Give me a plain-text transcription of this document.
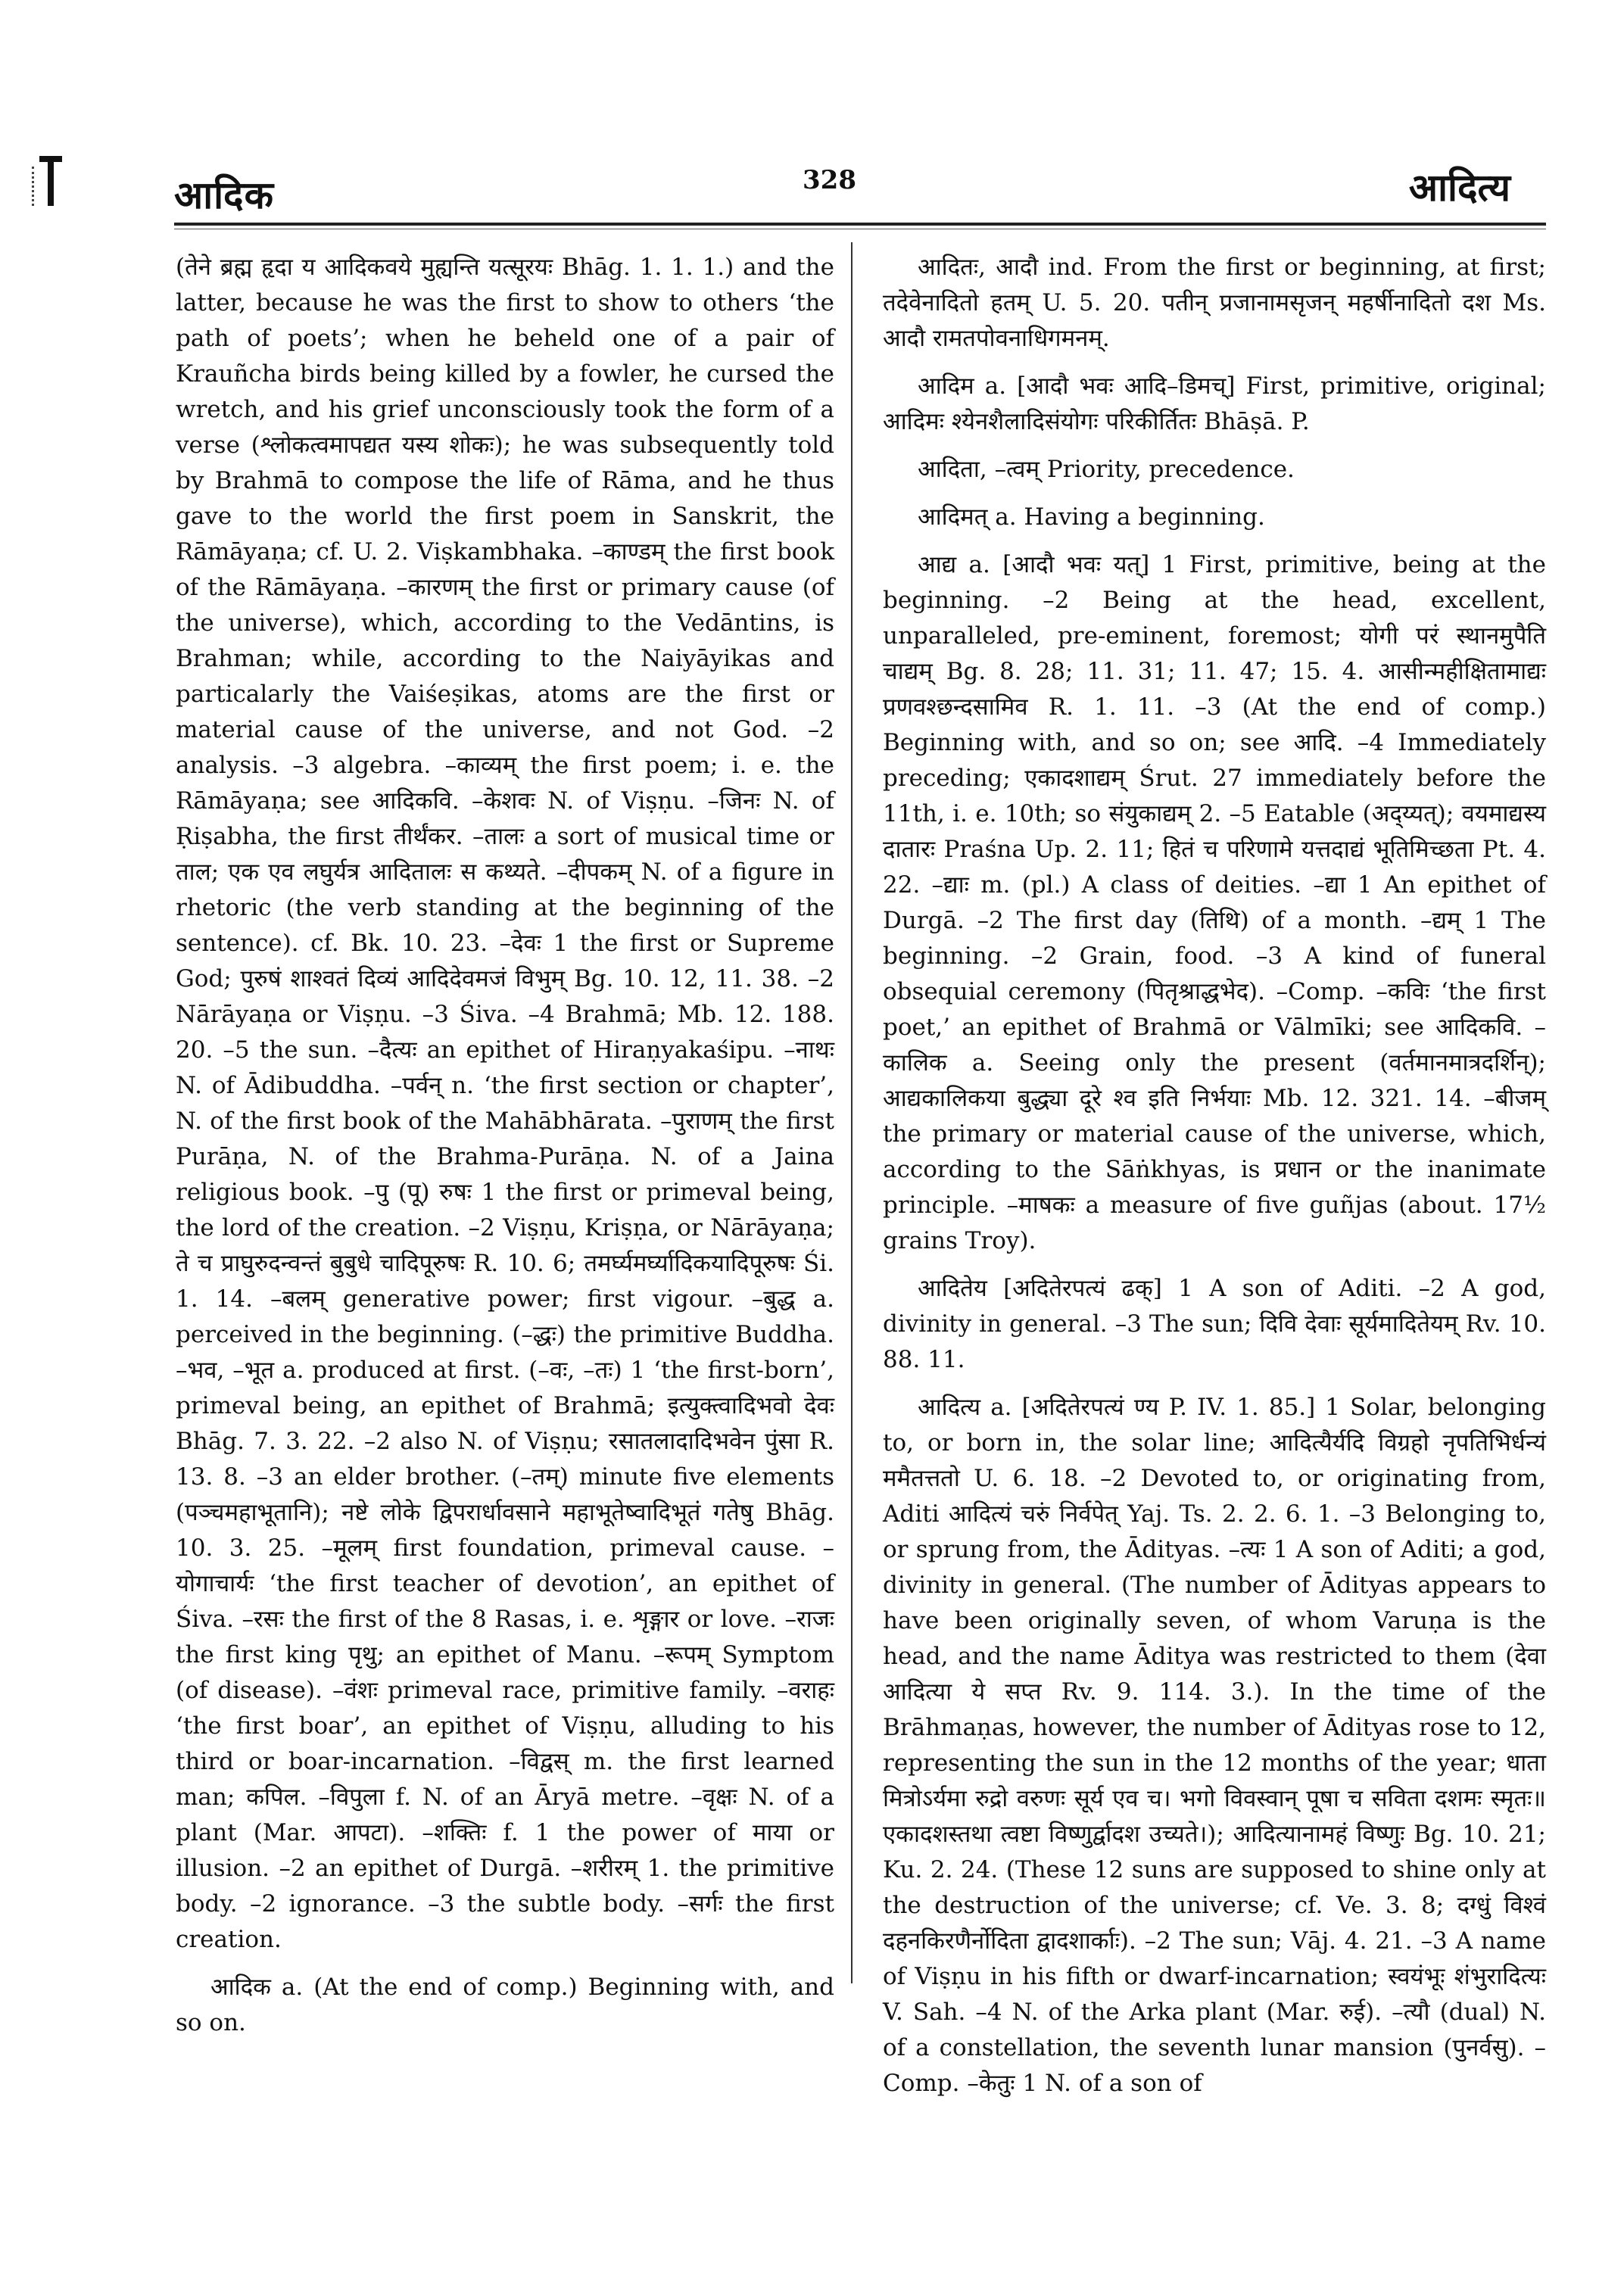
आदिक	328	आदित्य

(तेने ब्रह्म हृदा य आदिकवये मुह्यन्ति यत्सूरयः Bhāg. 1. 1. 1.) and the latter, because he was the first to show to others ‘the path of poets’; when he beheld one of a pair of Krauñcha birds being killed by a fowler, he cursed the wretch, and his grief unconsciously took the form of a verse (श्लोकत्वमापद्यत यस्य शोकः); he was subsequently told by Brahmā to compose the life of Rāma, and he thus gave to the world the first poem in Sanskrit, the Rāmāyaṇa; cf. U. 2. Viṣkambhaka. –काण्डम् the first book of the Rāmāyaṇa. –कारणम् the first or primary cause (of the universe), which, according to the Vedāntins, is Brahman; while, according to the Naiyāyikas and particalarly the Vaiśeṣikas, atoms are the first or material cause of the universe, and not God. –2 analysis. –3 algebra. –काव्यम् the first poem; i. e. the Rāmāyaṇa; see आदिकवि. –केशवः N. of Viṣṇu. –जिनः N. of Ṛiṣabha, the first तीर्थंकर. –तालः a sort of musical time or ताल; एक एव लघुर्यत्र आदितालः स कथ्यते. –दीपकम् N. of a figure in rhetoric (the verb standing at the beginning of the sentence). cf. Bk. 10. 23. –देवः 1 the first or Supreme God; पुरुषं शाश्वतं दिव्यं आदिदेवमजं विभुम् Bg. 10. 12, 11. 38. –2 Nārāyaṇa or Viṣṇu. –3 Śiva. –4 Brahmā; Mb. 12. 188. 20. –5 the sun. –दैत्यः an epithet of Hiraṇyakaśipu. –नाथः N. of Ādibuddha. –पर्वन् n. ‘the first section or chapter’, N. of the first book of the Mahābhārata. –पुराणम् the first Purāṇa, N. of the Brahma-Purāṇa. N. of a Jaina religious book. –पु (पू) रुषः 1 the first or primeval being, the lord of the creation. –2 Viṣṇu, Kriṣṇa, or Nārāyaṇa; ते च प्राघुरुदन्वन्तं बुबुधे चादिपूरुषः R. 10. 6; तमर्घ्यमर्घ्यादिकयादिपूरुषः Śi. 1. 14. –बलम् generative power; first vigour. –बुद्ध a. perceived in the beginning. (–द्धः) the primitive Buddha. –भव, –भूत a. produced at first. (–वः, –तः) 1 ‘the first-born’, primeval being, an epithet of Brahmā; इत्युक्त्वादिभवो देवः Bhāg. 7. 3. 22. –2 also N. of Viṣṇu; रसातलादादिभवेन पुंसा R. 13. 8. –3 an elder brother. (–तम्) minute five elements (पञ्चमहाभूतानि); नष्टे लोके द्विपरार्धावसाने महाभूतेष्वादिभूतं गतेषु Bhāg. 10. 3. 25. –मूलम् first foundation, primeval cause. –योगाचार्यः ‘the first teacher of devotion’, an epithet of Śiva. –रसः the first of the 8 Rasas, i. e. शृङ्गार or love. –राजः the first king पृथु; an epithet of Manu. –रूपम् Symptom (of disease). –वंशः primeval race, primitive family. –वराहः ‘the first boar’, an epithet of Viṣṇu, alluding to his third or boar-incarnation. –विद्वस् m. the first learned man; कपिल. –विपुला f. N. of an Āryā metre. –वृक्षः N. of a plant (Mar. आपटा). –शक्तिः f. 1 the power of माया or illusion. –2 an epithet of Durgā. –शरीरम् 1. the primitive body. –2 ignorance. –3 the subtle body. –सर्गः the first creation.

आदिक a. (At the end of comp.) Beginning with, and so on.

आदितः, आदौ ind. From the first or beginning, at first; तदेवेनादितो हतम् U. 5. 20. पतीन् प्रजानामसृजन् महर्षीनादितो दश Ms. आदौ रामतपोवनाधिगमनम्.

आदिम a. [आदौ भवः आदि–डिमच्] First, primitive, original; आदिमः श्येनशैलादिसंयोगः परिकीर्तितः Bhāṣā. P.

आदिता, –त्वम् Priority, precedence.

आदिमत् a. Having a beginning.

आद्य a. [आदौ भवः यत्] 1 First, primitive, being at the beginning. –2 Being at the head, excellent, unparalleled, pre-eminent, foremost; योगी परं स्थानमुपैति चाद्यम् Bg. 8. 28; 11. 31; 11. 47; 15. 4. आसीन्महीक्षितामाद्यः प्रणवश्छन्दसामिव R. 1. 11. –3 (At the end of comp.) Beginning with, and so on; see आदि. –4 Immediately preceding; एकादशाद्यम् Śrut. 27 immediately before the 11th, i. e. 10th; so संयुकाद्यम् 2. –5 Eatable (अद्‌य्यत्); वयमाद्यस्य दातारः Praśna Up. 2. 11; हितं च परिणामे यत्तदाद्यं भूतिमिच्छता Pt. 4. 22. –द्याः m. (pl.) A class of deities. –द्या 1 An epithet of Durgā. –2 The first day (तिथि) of a month. –द्यम् 1 The beginning. –2 Grain, food. –3 A kind of funeral obsequial ceremony (पितृश्राद्धभेद). –Comp. –कविः ‘the first poet,’ an epithet of Brahmā or Vālmīki; see आदिकवि. –कालिक a. Seeing only the present (वर्तमानमात्रदर्शिन्); आद्यकालिकया बुद्ध्या दूरे श्व इति निर्भयाः Mb. 12. 321. 14. –बीजम् the primary or material cause of the universe, which, according to the Sāṅkhyas, is प्रधान or the inanimate principle. –माषकः a measure of five guñjas (about. 17½ grains Troy).

आदितेय [अदितेरपत्यं ढक्] 1 A son of Aditi. –2 A god, divinity in general. –3 The sun; दिवि देवाः सूर्यमादितेयम् Rv. 10. 88. 11.

आदित्य a. [अदितेरपत्यं ण्य P. IV. 1. 85.] 1 Solar, belonging to, or born in, the solar line; आदित्यैर्यदि विग्रहो नृपतिभिर्धन्यं ममैतत्ततो U. 6. 18. –2 Devoted to, or originating from, Aditi आदित्यं चरुं निर्वपेत् Yaj. Ts. 2. 2. 6. 1. –3 Belonging to, or sprung from, the Ādityas. –त्यः 1 A son of Aditi; a god, divinity in general. (The number of Ādityas appears to have been originally seven, of whom Varuṇa is the head, and the name Āditya was restricted to them (देवा आदित्या ये सप्त Rv. 9. 114. 3.). In the time of the Brāhmaṇas, however, the number of Ādityas rose to 12, representing the sun in the 12 months of the year; धाता मित्रोऽर्यमा रुद्रो वरुणः सूर्य एव च। भगो विवस्वान् पूषा च सविता दशमः स्मृतः॥ एकादशस्तथा त्वष्टा विष्णुर्द्वादश उच्यते।); आदित्यानामहं विष्णुः Bg. 10. 21; Ku. 2. 24. (These 12 suns are supposed to shine only at the destruction of the universe; cf. Ve. 3. 8; दग्धुं विश्वं दहनकिरणैर्नोदिता द्वादशार्काः). –2 The sun; Vāj. 4. 21. –3 A name of Viṣṇu in his fifth or dwarf-incarnation; स्वयंभूः शंभुरादित्यः V. Sah. –4 N. of the Arka plant (Mar. रुई). –त्यौ (dual) N. of a constellation, the seventh lunar mansion (पुनर्वसु). –Comp. –केतुः 1 N. of a son of
